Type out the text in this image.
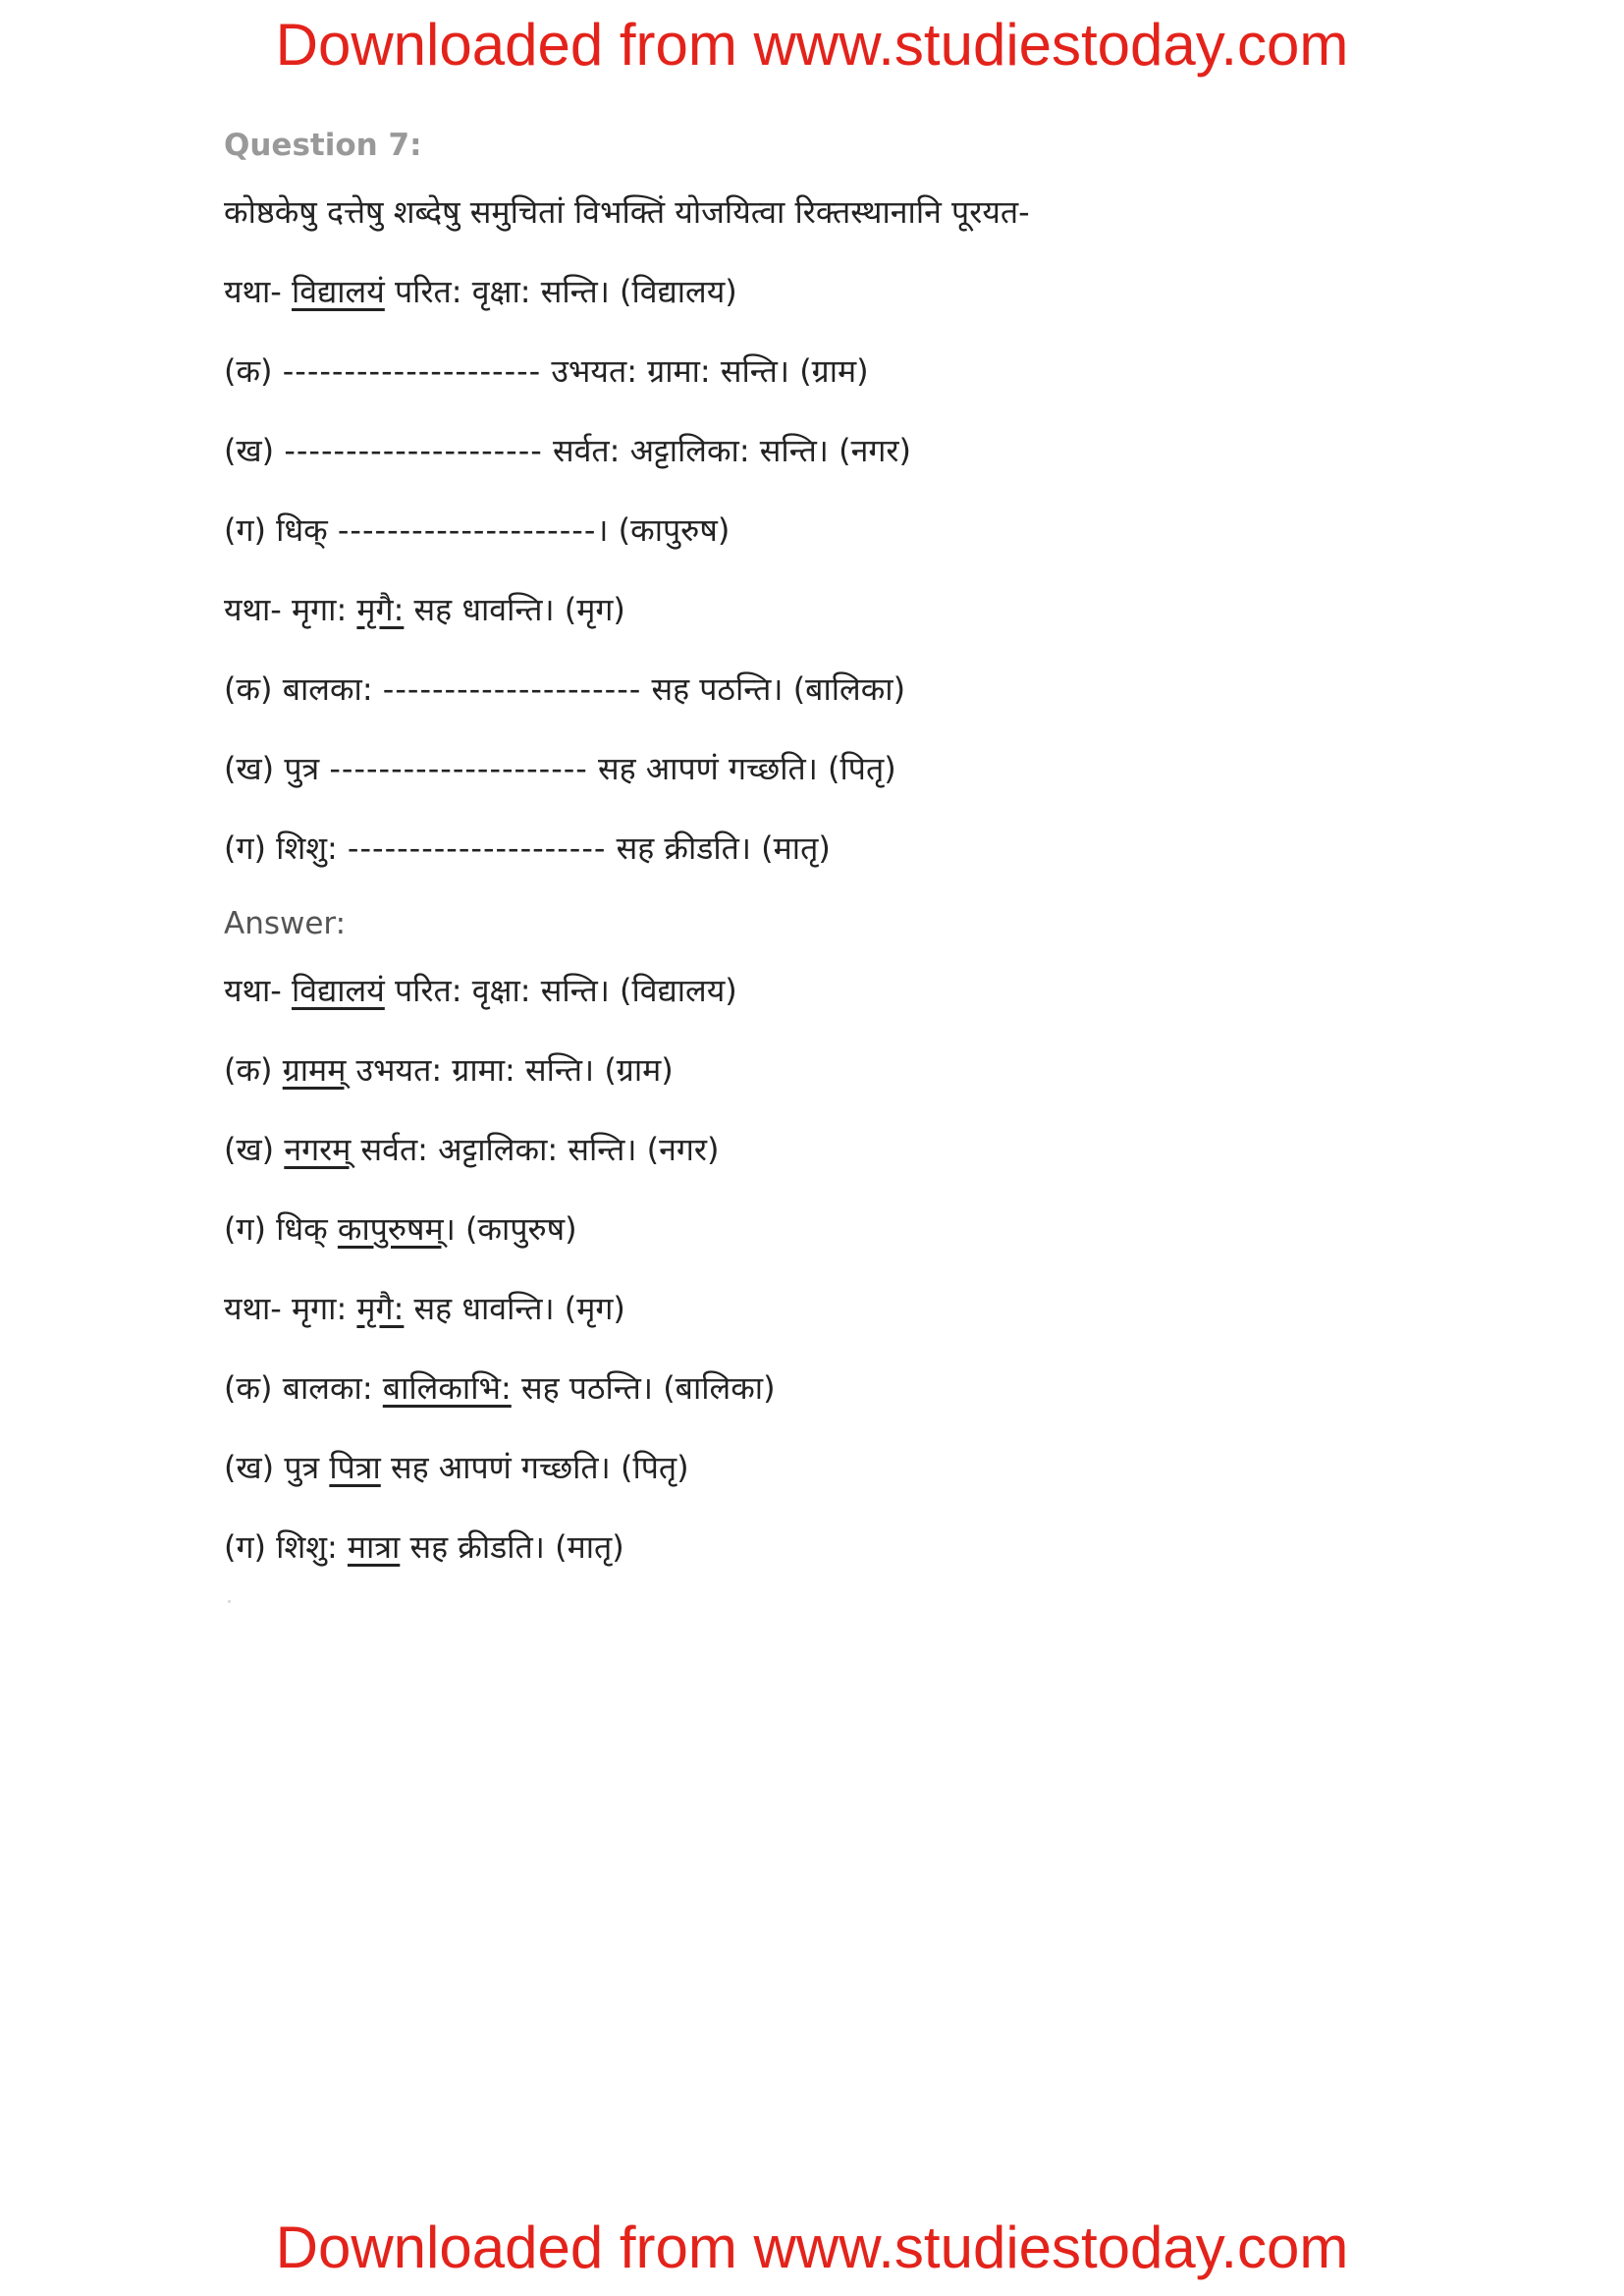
Downloaded from www.studiestoday.com
Question 7:
कोष्ठकेषु दत्तेषु शब्देषु समुचितां विभक्तिं योजयित्वा रिक्तस्थानानि पूरयत-
यथा- विद्यालयं परित: वृक्षा: सन्ति। (विद्यालय)
(क) --------------------- उभयत: ग्रामा: सन्ति। (ग्राम)
(ख) --------------------- सर्वत: अट्टालिका: सन्ति। (नगर)
(ग) धिक् ---------------------। (कापुरुष)
यथा- मृगा: मृगै: सह धावन्ति। (मृग)
(क) बालका: --------------------- सह पठन्ति। (बालिका)
(ख) पुत्र --------------------- सह आपणं गच्छति। (पितृ)
(ग) शिशु: --------------------- सह क्रीडति। (मातृ)
Answer:
यथा- विद्यालयं परित: वृक्षा: सन्ति। (विद्यालय)
(क) ग्रामम् उभयत: ग्रामा: सन्ति। (ग्राम)
(ख) नगरम् सर्वत: अट्टालिका: सन्ति। (नगर)
(ग) धिक् कापुरुषम्। (कापुरुष)
यथा- मृगा: मृगै: सह धावन्ति। (मृग)
(क) बालका: बालिकाभि: सह पठन्ति। (बालिका)
(ख) पुत्र पित्रा सह आपणं गच्छति। (पितृ)
(ग) शिशु: मात्रा सह क्रीडति। (मातृ)
Downloaded from www.studiestoday.com
